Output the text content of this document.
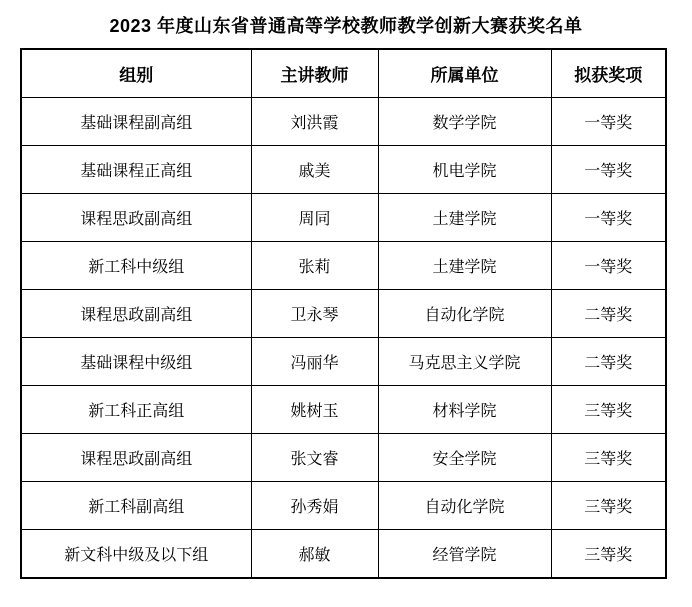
2023 年度山东省普通高等学校教师教学创新大赛获奖名单
组别	主讲教师	所属单位	拟获奖项
基础课程副高组	刘洪霞	数学学院	一等奖
基础课程正高组	戚美	机电学院	一等奖
课程思政副高组	周同	土建学院	一等奖
新工科中级组	张莉	土建学院	一等奖
课程思政副高组	卫永琴	自动化学院	二等奖
基础课程中级组	冯丽华	马克思主义学院	二等奖
新工科正高组	姚树玉	材料学院	三等奖
课程思政副高组	张文睿	安全学院	三等奖
新工科副高组	孙秀娟	自动化学院	三等奖
新文科中级及以下组	郝敏	经管学院	三等奖
